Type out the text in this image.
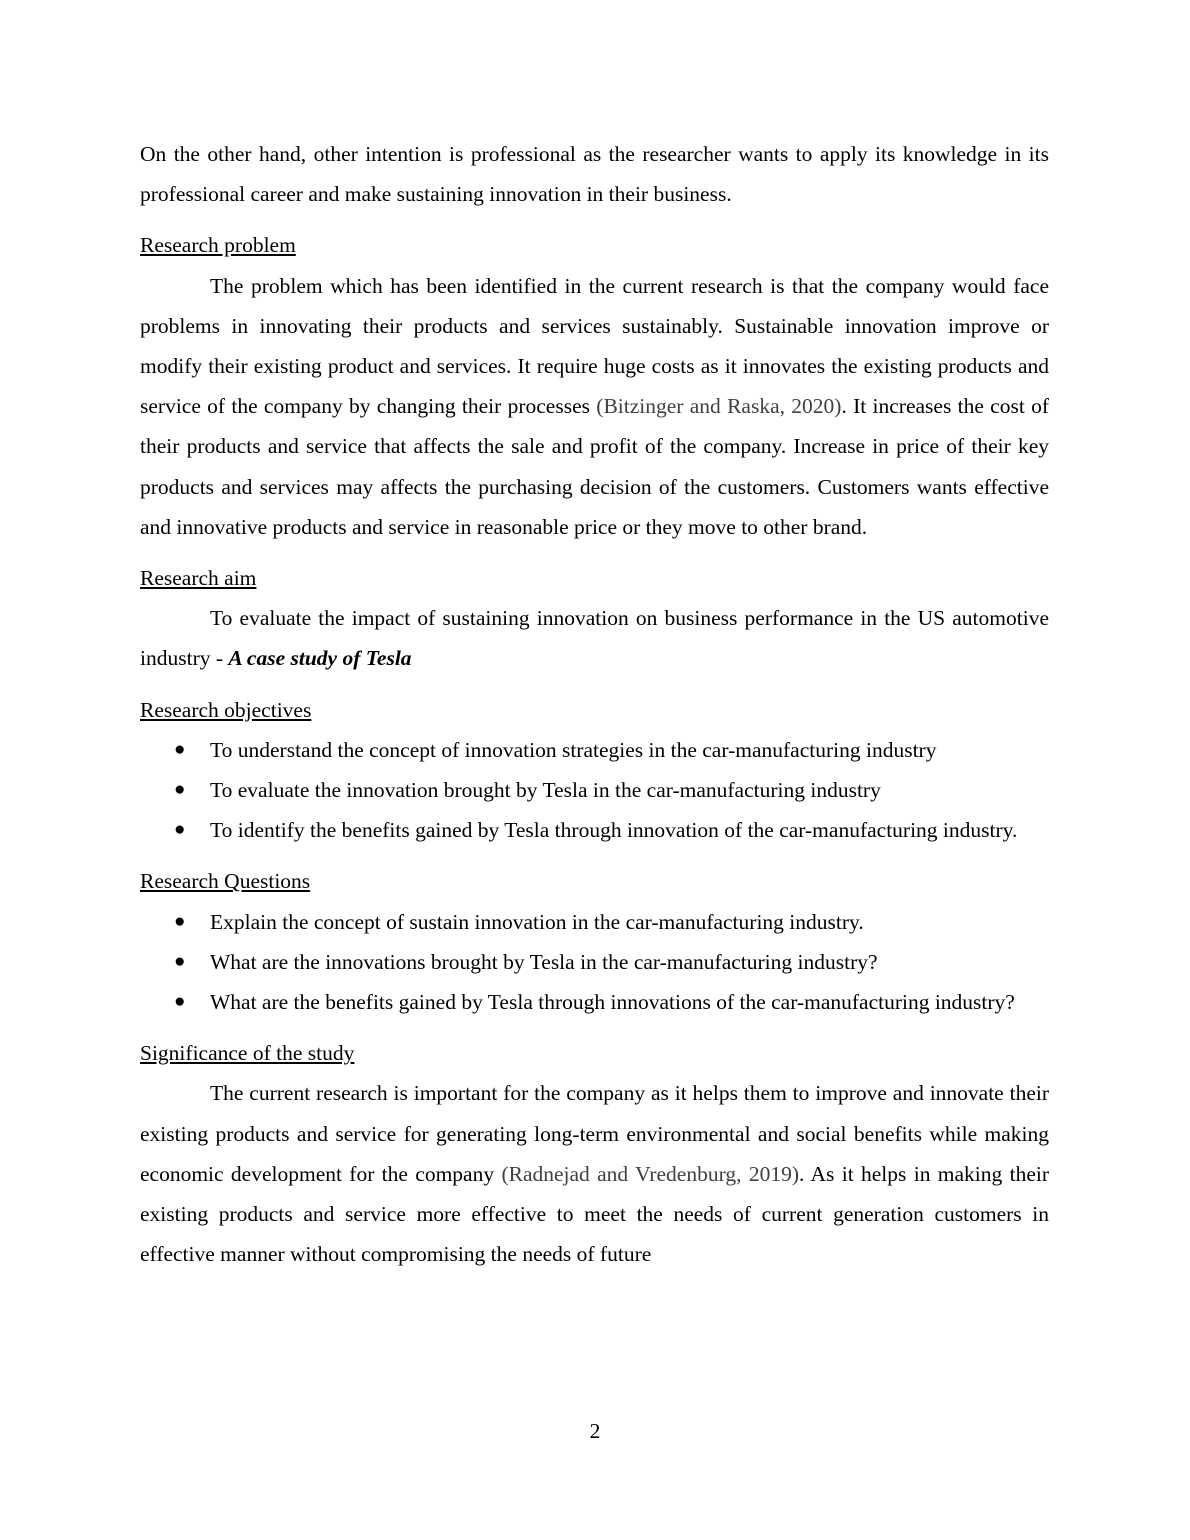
On the other hand, other intention is professional as the researcher wants to apply its knowledge in its professional career and make sustaining innovation in their business.

Research problem

The problem which has been identified in the current research is that the company would face problems in innovating their products and services sustainably. Sustainable innovation improve or modify their existing product and services. It require huge costs as it innovates the existing products and service of the company by changing their processes (Bitzinger and Raska, 2020). It increases the cost of their products and service that affects the sale and profit of the company. Increase in price of their key products and services may affects the purchasing decision of the customers. Customers wants effective and innovative products and service in reasonable price or they move to other brand.

Research aim

To evaluate the impact of sustaining innovation on business performance in the US automotive industry - A case study of Tesla

Research objectives

● To understand the concept of innovation strategies in the car-manufacturing industry
● To evaluate the innovation brought by Tesla in the car-manufacturing industry
● To identify the benefits gained by Tesla through innovation of the car-manufacturing industry.

Research Questions

● Explain the concept of sustain innovation in the car-manufacturing industry.
● What are the innovations brought by Tesla in the car-manufacturing industry?
● What are the benefits gained by Tesla through innovations of the car-manufacturing industry?

Significance of the study

The current research is important for the company as it helps them to improve and innovate their existing products and service for generating long-term environmental and social benefits while making economic development for the company (Radnejad and Vredenburg, 2019). As it helps in making their existing products and service more effective to meet the needs of current generation customers in effective manner without compromising the needs of future

2
